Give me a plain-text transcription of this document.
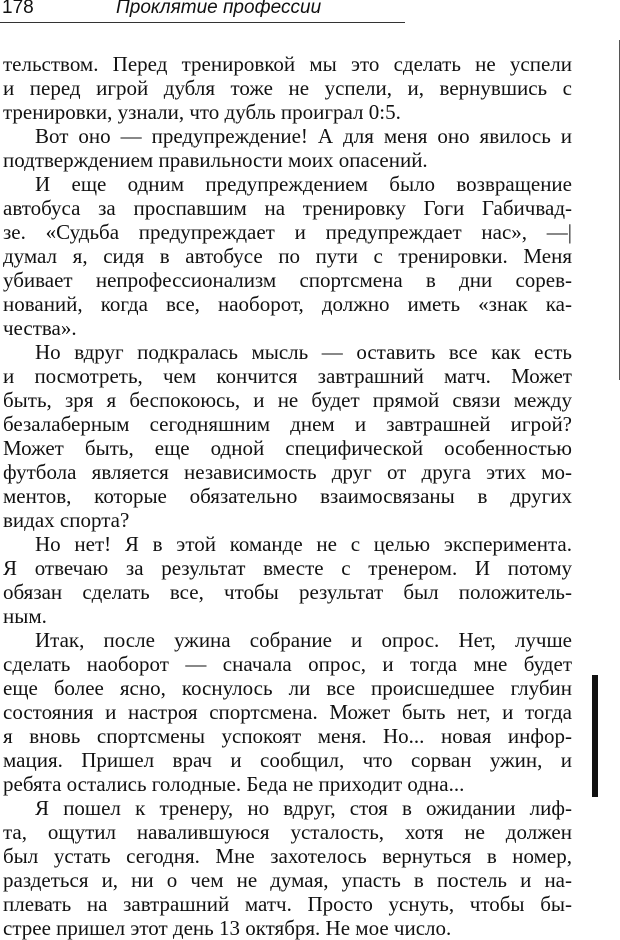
178	Проклятие профессии
тельством. Перед тренировкой мы это сделать не успели
и перед игрой дубля тоже не успели, и, вернувшись с
тренировки, узнали, что дубль проиграл 0:5.
Вот оно — предупреждение! А для меня оно явилось и
подтверждением правильности моих опасений.
И еще одним предупреждением было возвращение
автобуса за проспавшим на тренировку Гоги Габичвад-
зе. «Судьба предупреждает и предупреждает нас», —|
думал я, сидя в автобусе по пути с тренировки. Меня
убивает непрофессионализм спортсмена в дни сорев-
нований, когда все, наоборот, должно иметь «знак ка-
чества».
Но вдруг подкралась мысль — оставить все как есть
и посмотреть, чем кончится завтрашний матч. Может
быть, зря я беспокоюсь, и не будет прямой связи между
безалаберным сегодняшним днем и завтрашней игрой?
Может быть, еще одной специфической особенностью
футбола является независимость друг от друга этих мо-
ментов, которые обязательно взаимосвязаны в других
видах спорта?
Но нет! Я в этой команде не с целью эксперимента.
Я отвечаю за результат вместе с тренером. И потому
обязан сделать все, чтобы результат был положитель-
ным.
Итак, после ужина собрание и опрос. Нет, лучше
сделать наоборот — сначала опрос, и тогда мне будет
еще более ясно, коснулось ли все происшедшее глубин
состояния и настроя спортсмена. Может быть нет, и тогда
я вновь спортсмены успокоят меня. Но... новая инфор-
мация. Пришел врач и сообщил, что сорван ужин, и
ребята остались голодные. Беда не приходит одна...
Я пошел к тренеру, но вдруг, стоя в ожидании лиф-
та, ощутил навалившуюся усталость, хотя не должен
был устать сегодня. Мне захотелось вернуться в номер,
раздеться и, ни о чем не думая, упасть в постель и на-
плевать на завтрашний матч. Просто уснуть, чтобы бы-
стрее пришел этот день 13 октября. Не мое число.
